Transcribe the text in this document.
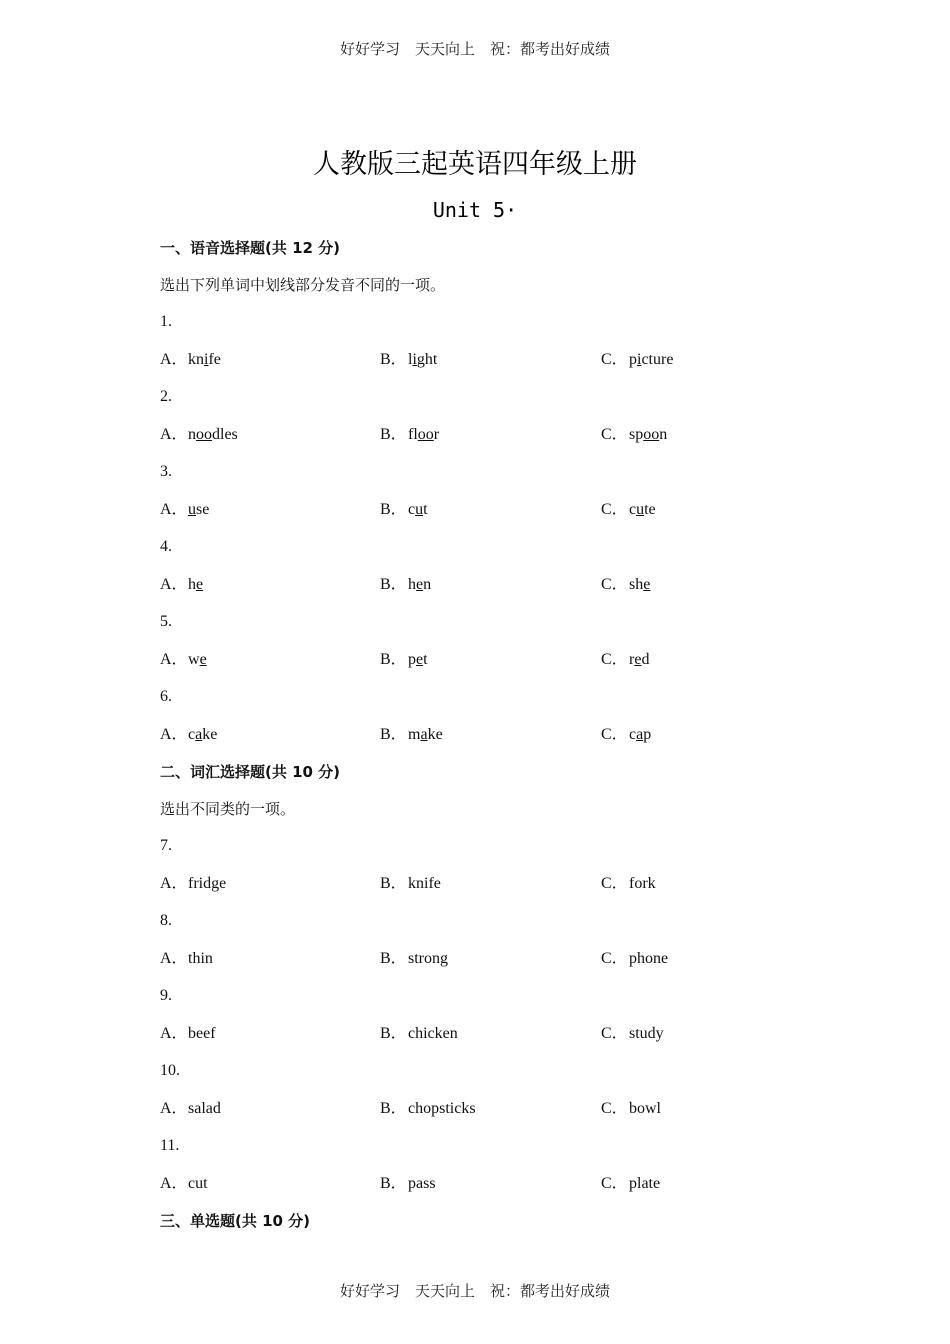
好好学习　天天向上　祝：都考出好成绩
人教版三起英语四年级上册
Unit 5·
一、语音选择题(共 12 分)
选出下列单词中划线部分发音不同的一项。
1.
A．knife	B．light	C．picture
2.
A．noodles	B．floor	C．spoon
3.
A．use	B．cut	C．cute
4.
A．he	B．hen	C．she
5.
A．we	B．pet	C．red
6.
A．cake	B．make	C．cap
二、词汇选择题(共 10 分)
选出不同类的一项。
7.
A．fridge	B．knife	C．fork
8.
A．thin	B．strong	C．phone
9.
A．beef	B．chicken	C．study
10.
A．salad	B．chopsticks	C．bowl
11.
A．cut	B．pass	C．plate
三、单选题(共 10 分)
好好学习　天天向上　祝：都考出好成绩
